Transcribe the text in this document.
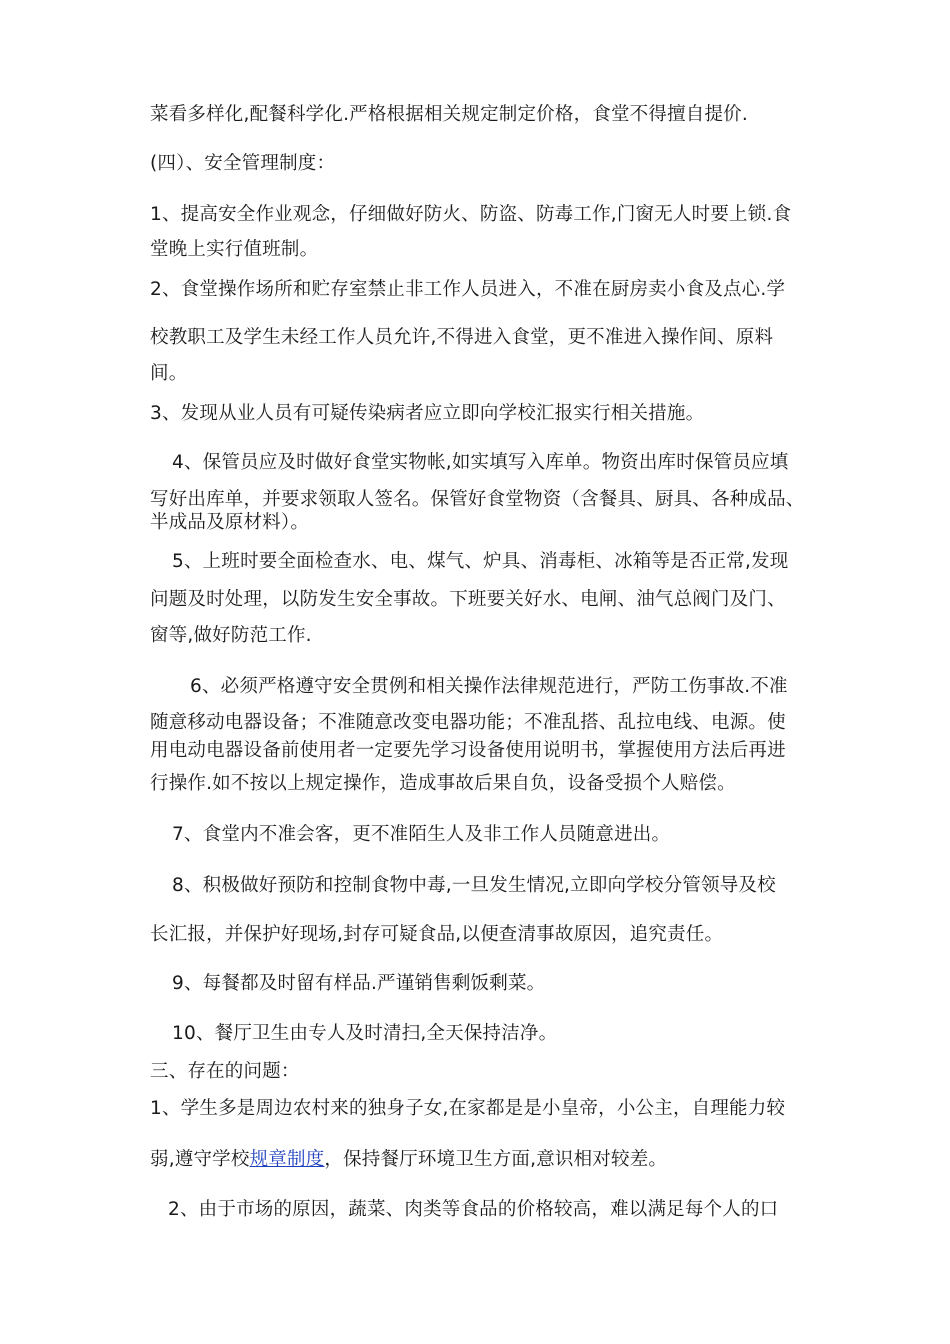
菜看多样化,配餐科学化.严格根据相关规定制定价格，食堂不得擅自提价.
(四）、安全管理制度：
1、提高安全作业观念，仔细做好防火、防盗、防毒工作,门窗无人时要上锁.食
堂晚上实行值班制。
2、食堂操作场所和贮存室禁止非工作人员进入，不准在厨房卖小食及点心.学
校教职工及学生未经工作人员允许,不得进入食堂，更不准进入操作间、原料
间。
3、发现从业人员有可疑传染病者应立即向学校汇报实行相关措施。
4、保管员应及时做好食堂实物帐,如实填写入库单。物资出库时保管员应填
写好出库单，并要求领取人签名。保管好食堂物资（含餐具、厨具、各种成品、
半成品及原材料）。
5、上班时要全面检查水、电、煤气、炉具、消毒柜、冰箱等是否正常,发现
问题及时处理，以防发生安全事故。下班要关好水、电闸、油气总阀门及门、
窗等,做好防范工作.
6、必须严格遵守安全贯例和相关操作法律规范进行，严防工伤事故.不准
随意移动电器设备；不准随意改变电器功能；不准乱搭、乱拉电线、电源。使
用电动电器设备前使用者一定要先学习设备使用说明书，掌握使用方法后再进
行操作.如不按以上规定操作，造成事故后果自负，设备受损个人赔偿。
7、食堂内不准会客，更不准陌生人及非工作人员随意进出。
8、积极做好预防和控制食物中毒,一旦发生情况,立即向学校分管领导及校
长汇报，并保护好现场,封存可疑食品,以便查清事故原因，追究责任。
9、每餐都及时留有样品.严谨销售剩饭剩菜。
10、餐厅卫生由专人及时清扫,全天保持洁净。
三、存在的问题：
1、学生多是周边农村来的独身子女,在家都是是小皇帝，小公主，自理能力较
弱,遵守学校规章制度，保持餐厅环境卫生方面,意识相对较差。
2、由于市场的原因，蔬菜、肉类等食品的价格较高，难以满足每个人的口
